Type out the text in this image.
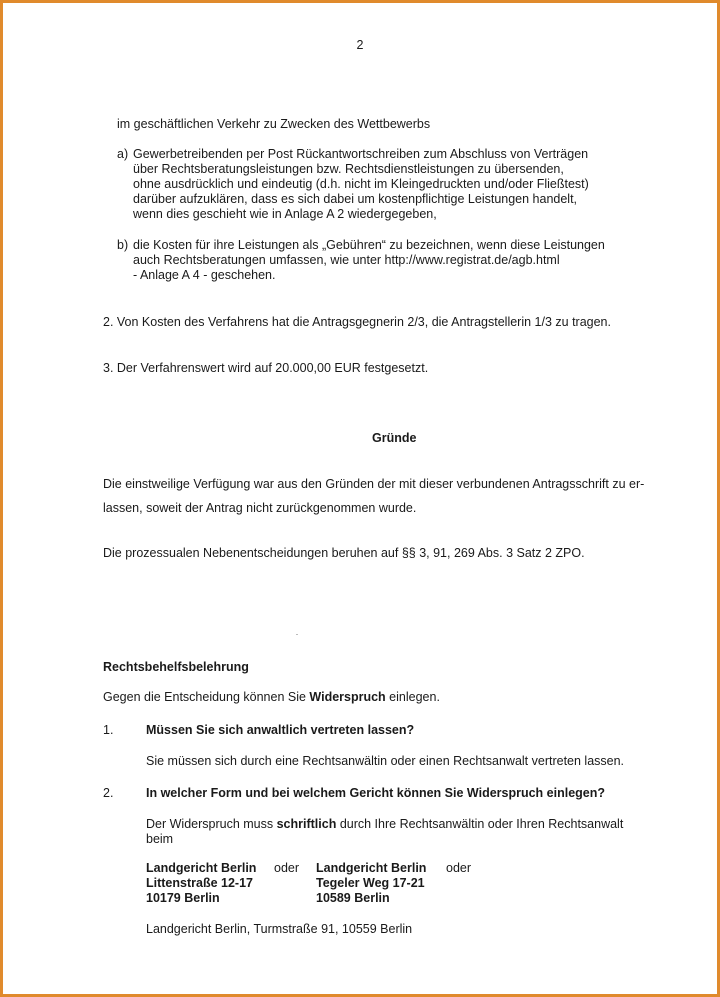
2

im geschäftlichen Verkehr zu Zwecken des Wettbewerbs

a) Gewerbetreibenden per Post Rückantwortschreiben zum Abschluss von Verträgen

über Rechtsberatungsleistungen bzw. Rechtsdienstleistungen zu übersenden,

ohne ausdrücklich und eindeutig (d.h. nicht im Kleingedruckten und/oder Fließtest)

darüber aufzuklären, dass es sich dabei um kostenpflichtige Leistungen handelt,

wenn dies geschieht wie in Anlage A 2 wiedergegeben,

b) die Kosten für ihre Leistungen als „Gebühren“ zu bezeichnen, wenn diese Leistungen

auch Rechtsberatungen umfassen, wie unter http://www.registrat.de/agb.html

- Anlage A 4 - geschehen.

2. Von Kosten des Verfahrens hat die Antragsgegnerin 2/3, die Antragstellerin 1/3 zu tragen.

3. Der Verfahrenswert wird auf 20.000,00 EUR festgesetzt.

Gründe

Die einstweilige Verfügung war aus den Gründen der mit dieser verbundenen Antragsschrift zu er-

lassen, soweit der Antrag nicht zurückgenommen wurde.

Die prozessualen Nebenentscheidungen beruhen auf §§ 3, 91, 269 Abs. 3 Satz 2 ZPO.

Rechtsbehelfsbelehrung

Gegen die Entscheidung können Sie Widerspruch einlegen.

1.	Müssen Sie sich anwaltlich vertreten lassen?

Sie müssen sich durch eine Rechtsanwältin oder einen Rechtsanwalt vertreten lassen.

2.	In welcher Form und bei welchem Gericht können Sie Widerspruch einlegen?

Der Widerspruch muss schriftlich durch Ihre Rechtsanwältin oder Ihren Rechtsanwalt

beim

Landgericht Berlin oder

Littenstraße 12-17

10179 Berlin

Landgericht Berlin oder

Tegeler Weg 17-21

10589 Berlin

Landgericht Berlin, Turmstraße 91, 10559 Berlin
